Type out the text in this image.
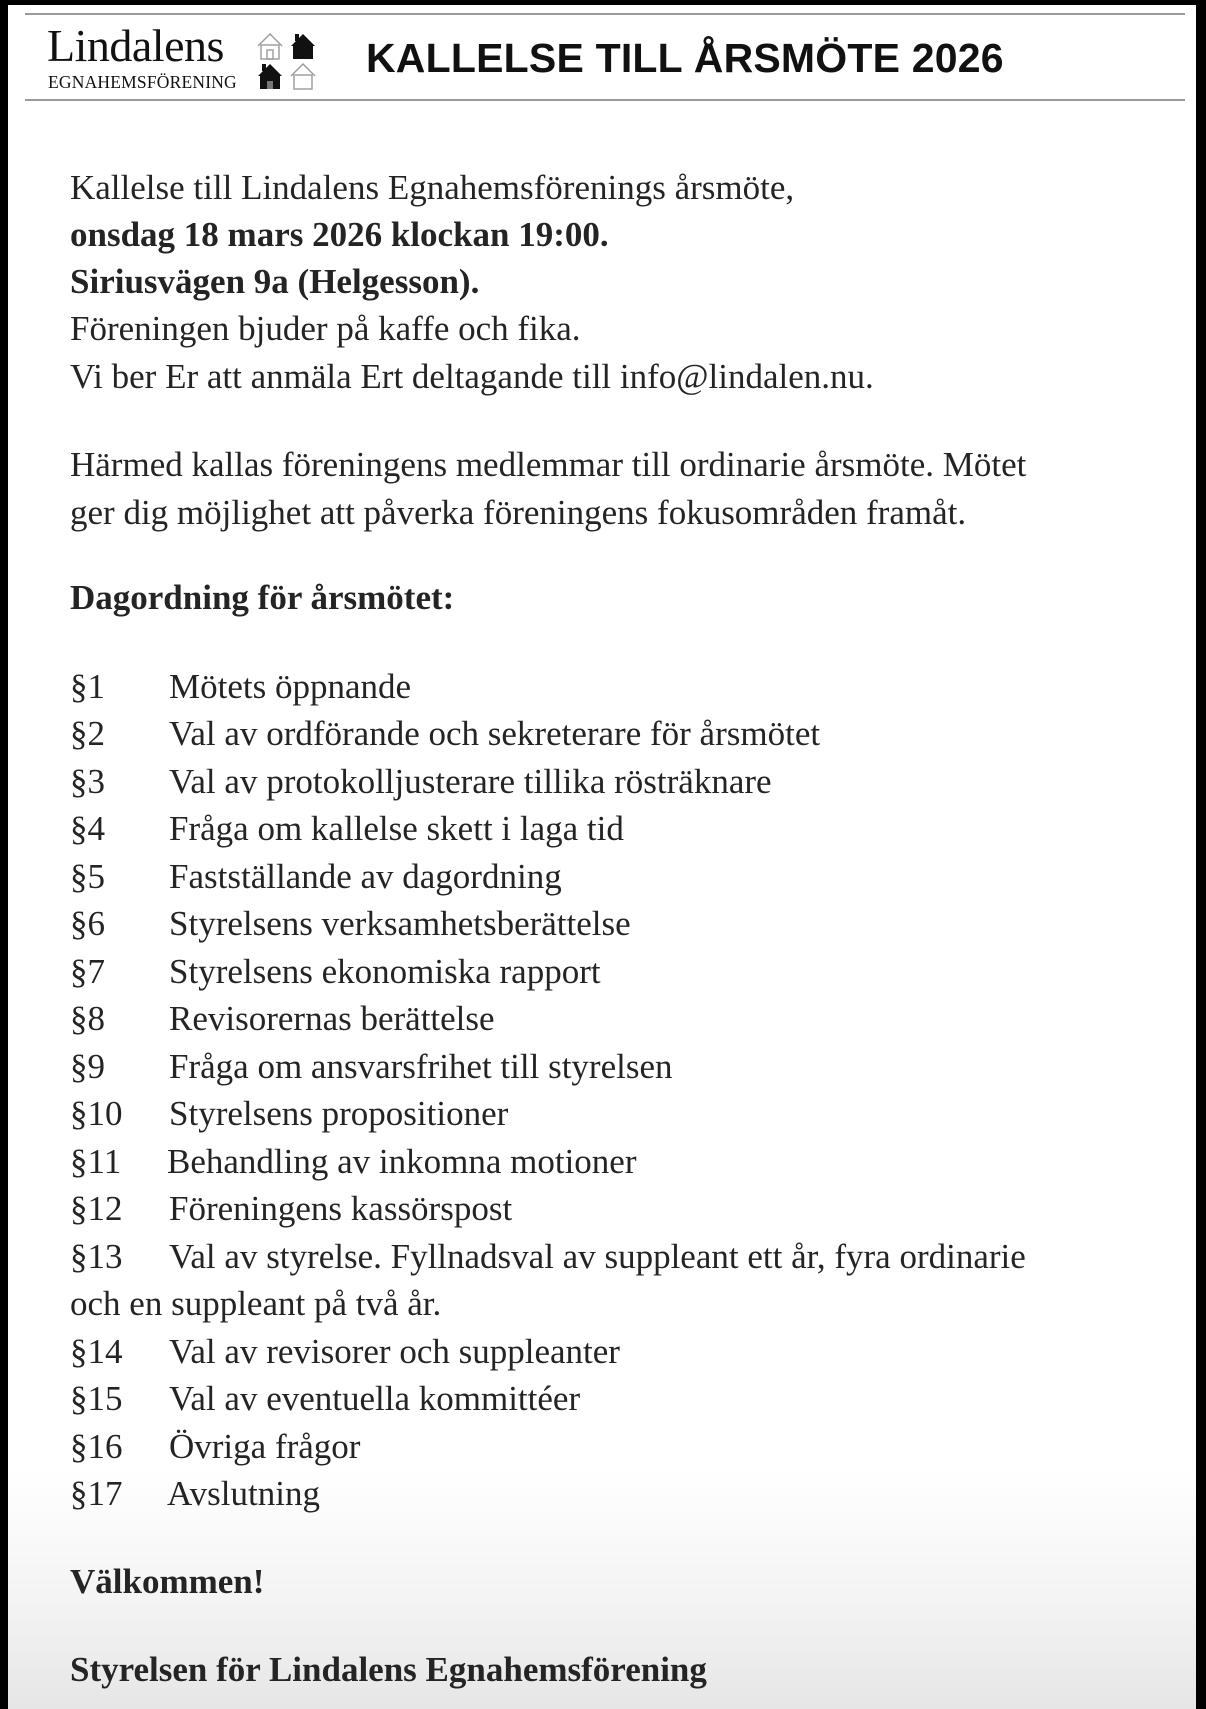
Lindalens
EGNAHEMSFÖRENING
KALLELSE TILL ÅRSMÖTE 2026
Kallelse till Lindalens Egnahemsförenings årsmöte,
onsdag 18 mars 2026 klockan 19:00.
Siriusvägen 9a (Helgesson).
Föreningen bjuder på kaffe och fika.
Vi ber Er att anmäla Ert deltagande till info@lindalen.nu.
Härmed kallas föreningens medlemmar till ordinarie årsmöte. Mötet
ger dig möjlighet att påverka föreningens fokusområden framåt.
Dagordning för årsmötet:
§1 Mötets öppnande
§2 Val av ordförande och sekreterare för årsmötet
§3 Val av protokolljusterare tillika rösträknare
§4 Fråga om kallelse skett i laga tid
§5 Fastställande av dagordning
§6 Styrelsens verksamhetsberättelse
§7 Styrelsens ekonomiska rapport
§8 Revisorernas berättelse
§9 Fråga om ansvarsfrihet till styrelsen
§10 Styrelsens propositioner
§11 Behandling av inkomna motioner
§12 Föreningens kassörspost
§13 Val av styrelse. Fyllnadsval av suppleant ett år, fyra ordinarie
och en suppleant på två år.
§14 Val av revisorer och suppleanter
§15 Val av eventuella kommittéer
§16 Övriga frågor
§17 Avslutning
Välkommen!
Styrelsen för Lindalens Egnahemsförening
